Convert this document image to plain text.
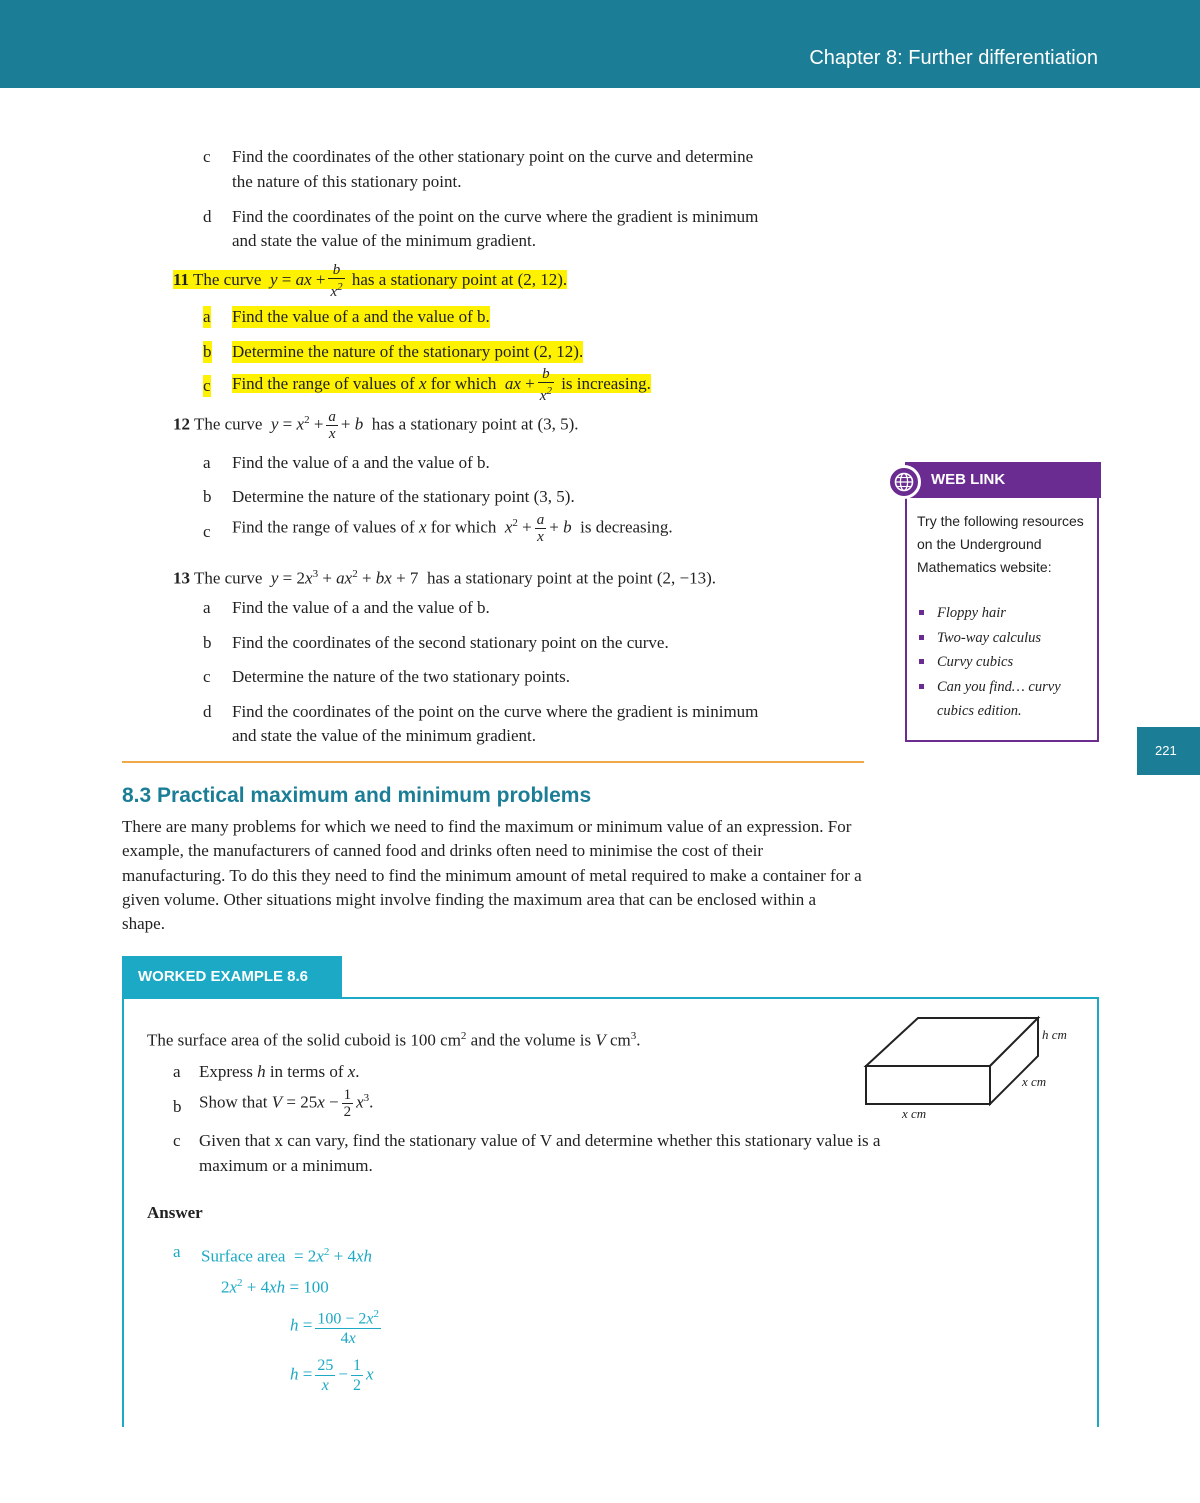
Chapter 8: Further differentiation
221
c Find the coordinates of the other stationary point on the curve and determine
the nature of this stationary point.
d Find the coordinates of the point on the curve where the gradient is minimum
and state the value of the minimum gradient.
11 The curve  y = ax + $\frac{b}{x^2}$ has a stationary point at (2, 12).
a Find the value of a and the value of b.
b Determine the nature of the stationary point (2, 12).
c Find the range of values of x for which  ax + $\frac{b}{x^2}$ is increasing.
12 The curve  $y = x^2 + \frac{a}{x} + b$ has a stationary point at (3, 5).
a Find the value of a and the value of b.
b Determine the nature of the stationary point (3, 5).
c Find the range of values of x for which  $x^2 + \frac{a}{x} + b$ is decreasing.
13 The curve  $y = 2x^3 + ax^2$ + bx + 7  has a stationary point at the point (2, −13).
a Find the value of a and the value of b.
b Find the coordinates of the second stationary point on the curve.
c Determine the nature of the two stationary points.
d Find the coordinates of the point on the curve where the gradient is minimum
and state the value of the minimum gradient.
WEB LINK
Try the following resources on the Underground Mathematics website:
Floppy hair
Two-way calculus
Curvy cubics
Can you find… curvy cubics edition.
8.3 Practical maximum and minimum problems
There are many problems for which we need to find the maximum or minimum value of an expression. For example, the manufacturers of canned food and drinks often need to minimise the cost of their manufacturing. To do this they need to find the minimum amount of metal required to make a container for a given volume. Other situations might involve finding the maximum area that can be enclosed within a shape.
WORKED EXAMPLE 8.6
The surface area of the solid cuboid is 100 $cm^2$ and the volume is V $cm^3$.
a Express h in terms of x.
b Show that $V = 25x - \frac{1}{2} x^3$.
c Given that x can vary, find the stationary value of V and determine whether this stationary value is a
maximum or a minimum.
h cm
x cm
x cm
Answer
a Surface area  = $2x^2 + 4xh$
$2x^2 + 4xh = 100$
$h = \frac{100 - 2x^2}{4x}$
$h = \frac{25}{x} - \frac{1}{2}$ x
